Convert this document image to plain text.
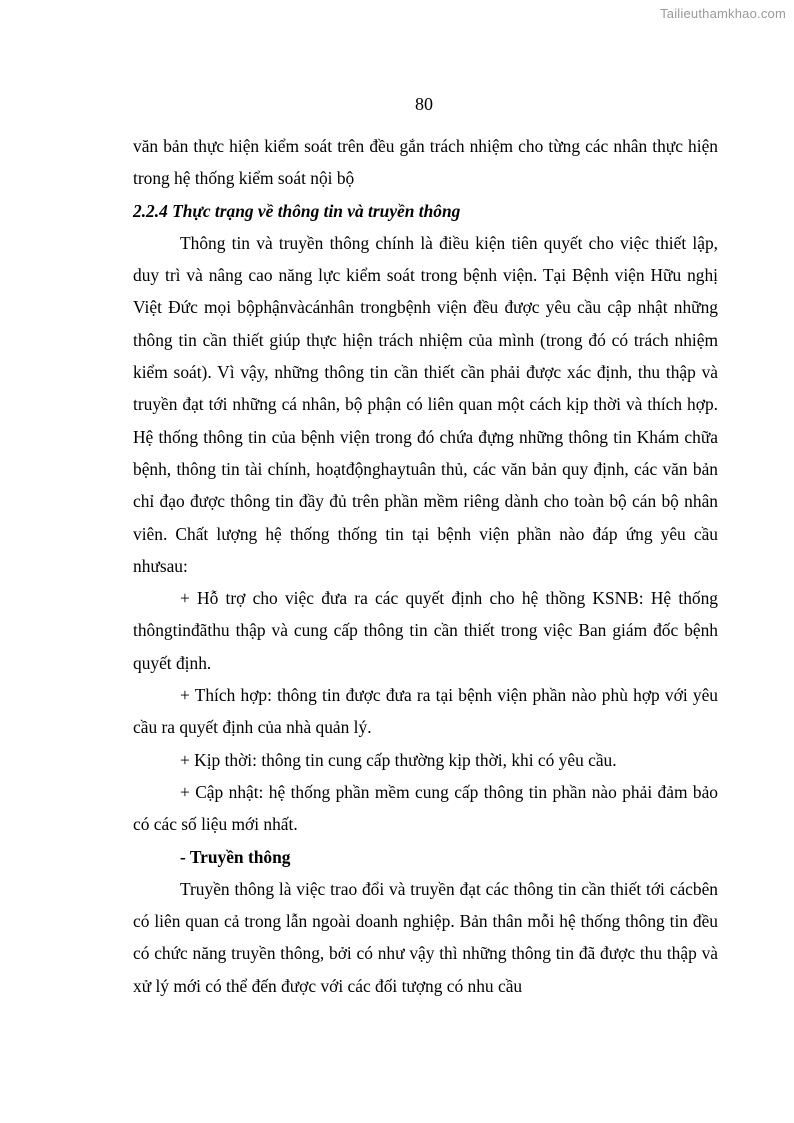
Tailieuthamkhao.com
80

văn bản thực hiện kiểm soát trên đều gắn trách nhiệm cho từng các nhân thực hiện trong hệ thống kiểm soát nội bộ

2.2.4 Thực trạng về thông tin và truyền thông

Thông tin và truyền thông chính là điều kiện tiên quyết cho việc thiết lập, duy trì và nâng cao năng lực kiểm soát trong bệnh viện. Tại Bệnh viện Hữu nghị Việt Đức mọi bộphậnvàcánhân trongbệnh viện đều được yêu cầu cập nhật những thông tin cần thiết giúp thực hiện trách nhiệm của mình (trong đó có trách nhiệm kiểm soát). Vì vậy, những thông tin cần thiết cần phải được xác định, thu thập và truyền đạt tới những cá nhân, bộ phận có liên quan một cách kịp thời và thích hợp. Hệ thống thông tin của bệnh viện trong đó chứa đựng những thông tin Khám chữa bệnh, thông tin tài chính, hoạtđộnghaytuân thủ, các văn bản quy định, các văn bản chỉ đạo được thông tin đầy đủ trên phần mềm riêng dành cho toàn bộ cán bộ nhân viên. Chất lượng hệ thống thống tin tại bệnh viện phần nào đáp ứng yêu cầu nhưsau:

+ Hỗ trợ cho việc đưa ra các quyết định cho hệ thồng KSNB: Hệ thống thôngtinđãthu thập và cung cấp thông tin cần thiết trong việc Ban giám đốc bệnh quyết định.

+ Thích hợp: thông tin được đưa ra tại bệnh viện phần nào phù hợp với yêu cầu ra quyết định của nhà quản lý.

+ Kịp thời: thông tin cung cấp thường kịp thời, khi có yêu cầu.

+ Cập nhật: hệ thống phần mềm cung cấp thông tin phần nào phải đảm bảo có các số liệu mới nhất.

- Truyền thông

Truyền thông là việc trao đổi và truyền đạt các thông tin cần thiết tới cácbên có liên quan cả trong lẫn ngoài doanh nghiệp. Bản thân mỗi hệ thống thông tin đều có chức năng truyền thông, bởi có như vậy thì những thông tin đã được thu thập và xử lý mới có thể đến được với các đối tượng có nhu cầu
